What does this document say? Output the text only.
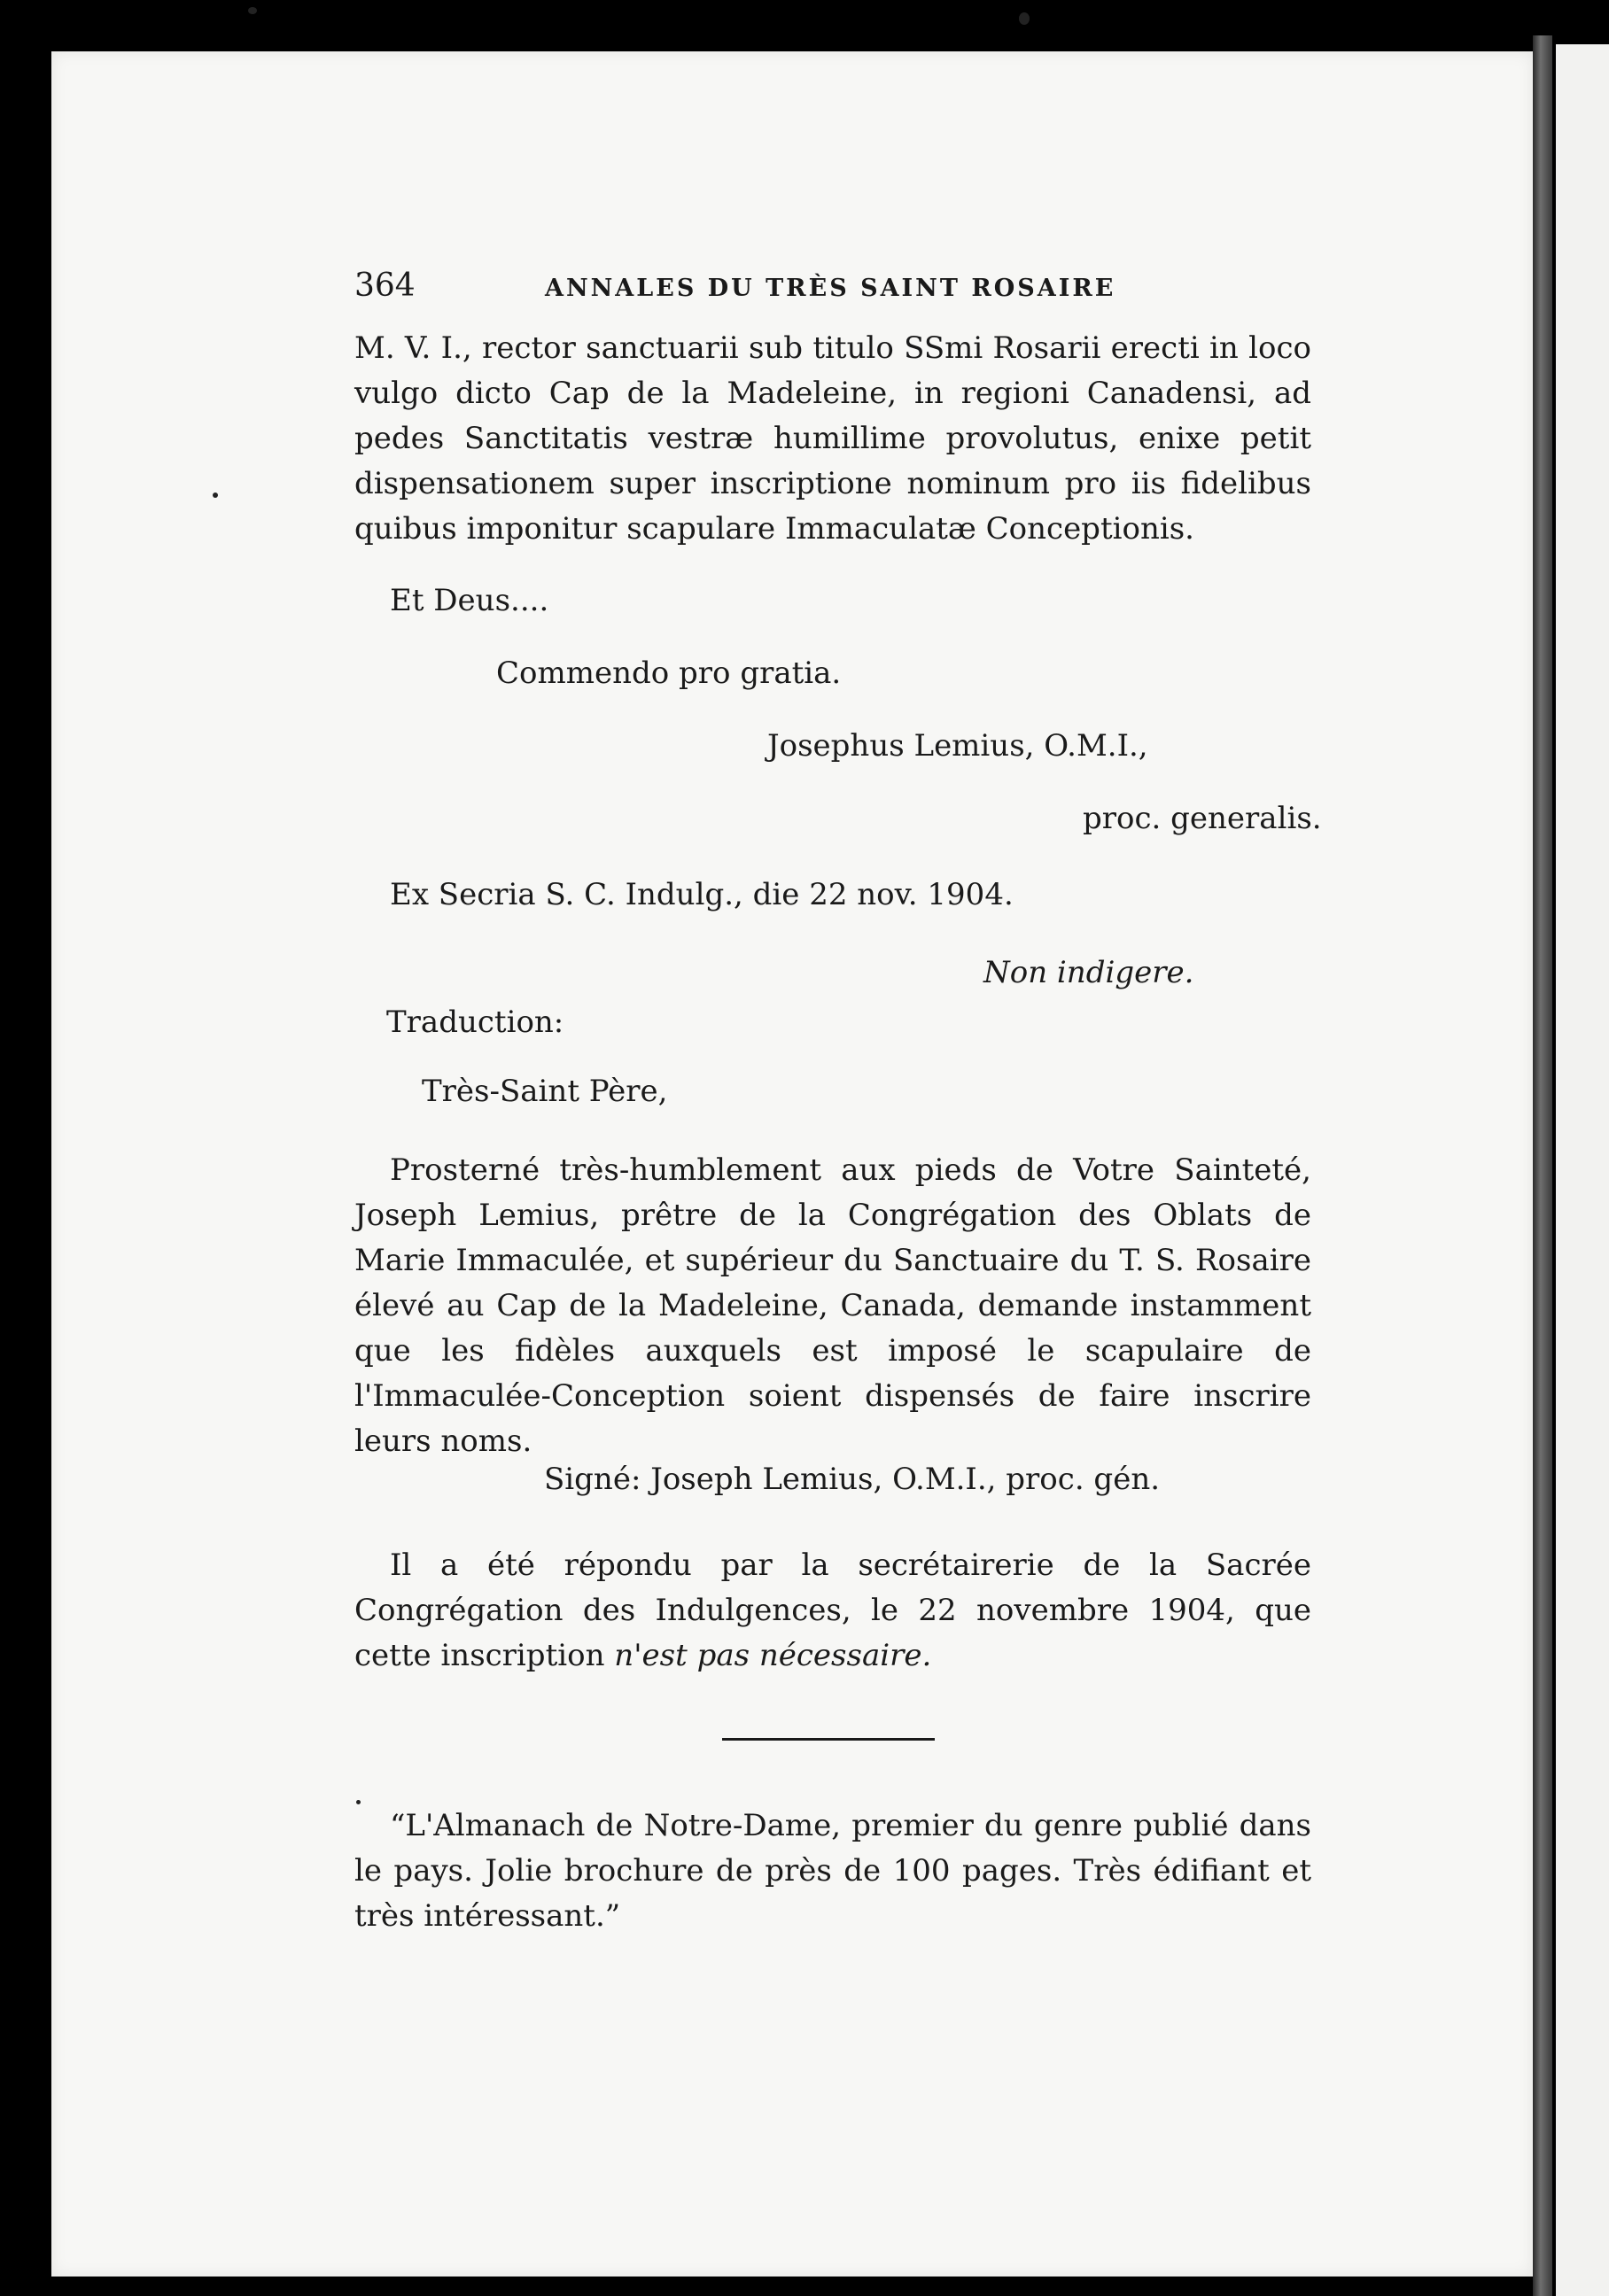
364	ANNALES DU TRÈS SAINT ROSAIRE

M. V. I., rector sanctuarii sub titulo SSmi Rosarii erecti in loco vulgo dicto Cap de la Madeleine, in regioni Canadensi, ad pedes Sanctitatis vestræ humillime provolutus, enixe petit dispensationem super inscriptione nominum pro iis fidelibus quibus imponitur scapulare Immaculatæ Conceptionis.

Et Deus....
Commendo pro gratia.
Josephus Lemius, O.M.I.,
proc. generalis.
Ex Secria S. C. Indulg., die 22 nov. 1904.
Non indigere.
Traduction:
Très-Saint Père,

Prosterné très-humblement aux pieds de Votre Sainteté, Joseph Lemius, prêtre de la Congrégation des Oblats de Marie Immaculée, et supérieur du Sanctuaire du T. S. Rosaire élevé au Cap de la Madeleine, Canada, demande instamment que les fidèles auxquels est imposé le scapulaire de l'Immaculée-Conception soient dispensés de faire inscrire leurs noms.

Signé: Joseph Lemius, O.M.I., proc. gén.

Il a été répondu par la secrétairerie de la Sacrée Congrégation des Indulgences, le 22 novembre 1904, que cette inscription n'est pas nécessaire.

“L'Almanach de Notre-Dame, premier du genre publié dans le pays. Jolie brochure de près de 100 pages. Très édifiant et très intéressant.”
